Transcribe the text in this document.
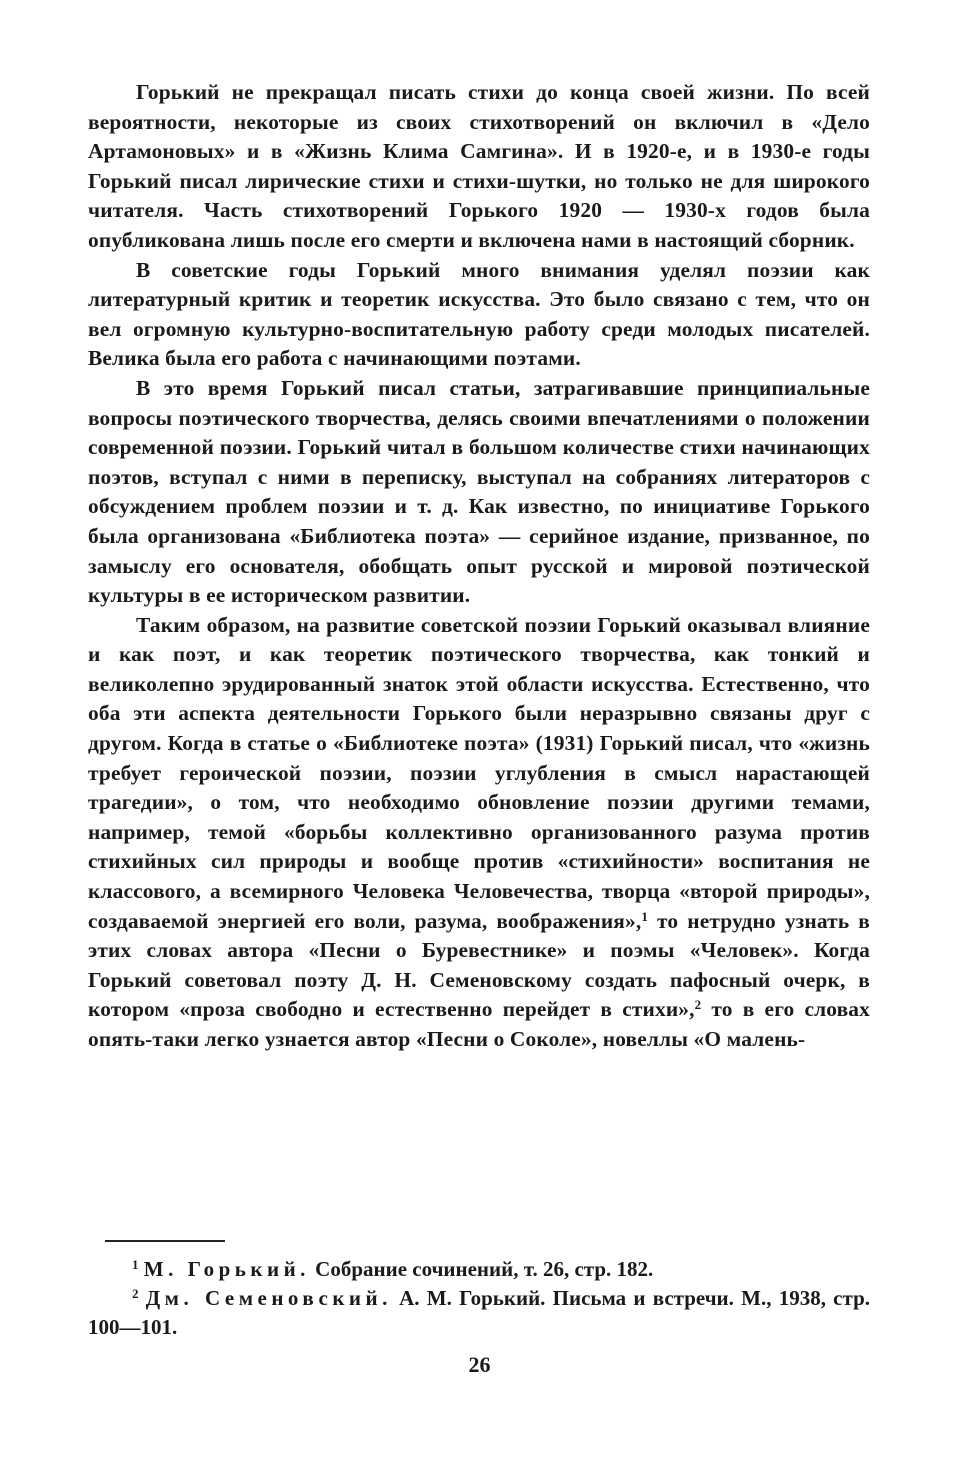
Горький не прекращал писать стихи до конца своей жизни. По всей вероятности, некоторые из своих стихотворений он включил в «Дело Артамоновых» и в «Жизнь Клима Самгина». И в 1920-е, и в 1930-е годы Горький писал лирические стихи и стихи-шутки, но только не для широкого читателя. Часть стихотворений Горького 1920 — 1930-х годов была опубликована лишь после его смерти и включена нами в настоящий сборник.

В советские годы Горький много внимания уделял поэзии как литературный критик и теоретик искусства. Это было связано с тем, что он вел огромную культурно-воспитательную работу среди молодых писателей. Велика была его работа с начинающими поэтами.

В это время Горький писал статьи, затрагивавшие принципиальные вопросы поэтического творчества, делясь своими впечатлениями о положении современной поэзии. Горький читал в большом количестве стихи начинающих поэтов, вступал с ними в переписку, выступал на собраниях литераторов с обсуждением проблем поэзии и т. д. Как известно, по инициативе Горького была организована «Библиотека поэта» — серийное издание, призванное, по замыслу его основателя, обобщать опыт русской и мировой поэтической культуры в ее историческом развитии.

Таким образом, на развитие советской поэзии Горький оказывал влияние и как поэт, и как теоретик поэтического творчества, как тонкий и великолепно эрудированный знаток этой области искусства. Естественно, что оба эти аспекта деятельности Горького были неразрывно связаны друг с другом. Когда в статье о «Библиотеке поэта» (1931) Горький писал, что «жизнь требует героической поэзии, поэзии углубления в смысл нарастающей трагедии», о том, что необходимо обновление поэзии другими темами, например, темой «борьбы коллективно организованного разума против стихийных сил природы и вообще против «стихийности» воспитания не классового, а всемирного Человека Человечества, творца «второй природы», создаваемой энергией его воли, разума, воображения»,$^1$ то нетрудно узнать в этих словах автора «Песни о Буревестнике» и поэмы «Человек». Когда Горький советовал поэту Д. Н. Семеновскому создать пафосный очерк, в котором «проза свободно и естественно перейдет в стихи»,$^2$ то в его словах опять-таки легко узнается автор «Песни о Соколе», новеллы «О малень-

$^1$ М. Горький. Собрание сочинений, т. 26, стр. 182.

$^2$ Дм. Семеновский. А. М. Горький. Письма и встречи. М., 1938, стр. 100—101.

26
